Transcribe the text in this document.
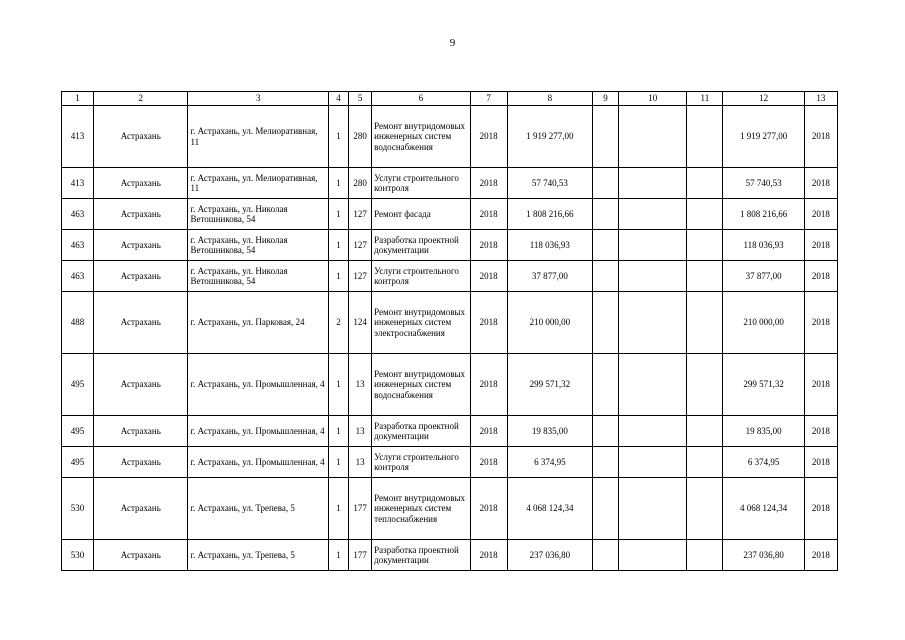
9
1	2	3	4	5	6	7	8	9	10	11	12	13
413	Астрахань	г. Астрахань, ул. Мелиоративная, 11	1	280	Ремонт внутридомовых инженерных систем водоснабжения	2018	1 919 277,00				1 919 277,00	2018
413	Астрахань	г. Астрахань, ул. Мелиоративная, 11	1	280	Услуги строительного контроля	2018	57 740,53				57 740,53	2018
463	Астрахань	г. Астрахань, ул. Николая Ветошникова, 54	1	127	Ремонт фасада	2018	1 808 216,66				1 808 216,66	2018
463	Астрахань	г. Астрахань, ул. Николая Ветошникова, 54	1	127	Разработка проектной документации	2018	118 036,93				118 036,93	2018
463	Астрахань	г. Астрахань, ул. Николая Ветошникова, 54	1	127	Услуги строительного контроля	2018	37 877,00				37 877,00	2018
488	Астрахань	г. Астрахань, ул. Парковая, 24	2	124	Ремонт внутридомовых инженерных систем электроснабжения	2018	210 000,00				210 000,00	2018
495	Астрахань	г. Астрахань, ул. Промышленная, 4	1	13	Ремонт внутридомовых инженерных систем водоснабжения	2018	299 571,32				299 571,32	2018
495	Астрахань	г. Астрахань, ул. Промышленная, 4	1	13	Разработка проектной документации	2018	19 835,00				19 835,00	2018
495	Астрахань	г. Астрахань, ул. Промышленная, 4	1	13	Услуги строительного контроля	2018	6 374,95				6 374,95	2018
530	Астрахань	г. Астрахань, ул. Трепева, 5	1	177	Ремонт внутридомовых инженерных систем теплоснабжения	2018	4 068 124,34				4 068 124,34	2018
530	Астрахань	г. Астрахань, ул. Трепева, 5	1	177	Разработка проектной документации	2018	237 036,80				237 036,80	2018
